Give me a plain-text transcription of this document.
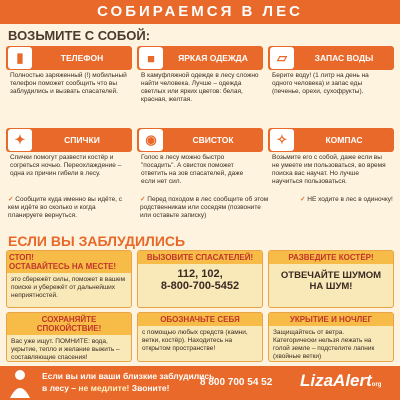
СОБИРАЕМСЯ В ЛЕС
ВОЗЬМИТЕ С СОБОЙ:
▮	ТЕЛЕФОН
Полностью заряженный (!) мобильный телефон поможет сообщить что вы заблудились и вызвать спасателей.
■	ЯРКАЯ ОДЕЖДА
В камуфляжной одежде в лесу сложно найти человека. Лучше – одежда светлых или ярких цветов: белая, красная, желтая.
▱	ЗАПАС ВОДЫ
Берите воду! (1 литр на день на одного человека) и запас еды (печенье, орехи, сухофрукты).
✦	СПИЧКИ
Спички помогут развести костёр и согреться ночью. Переохлаждение – одна из причин гибели в лесу.
◉	СВИСТОК
Голос в лесу можно быстро "посадить". А свисток поможет ответить на зов спасателей, даже если нет сил.
✧	КОМПАС
Возьмите его с собой, даже если вы не умеете им пользоваться, во время поиска вас научат. Но лучше научиться пользоваться.
✓ Сообщите куда именно вы идёте, с кем идёте во сколько и когда планируете вернуться.
✓ Перед походом в лес сообщите об этом родственникам или соседям (позвоните или оставьте записку)
✓ НЕ ходите в лес в одиночку!
ЕСЛИ ВЫ ЗАБЛУДИЛИСЬ
СТОП!
ОСТАВАЙТЕСЬ НА МЕСТЕ!
это сбережёт силы, поможет в вашем поиске и убережёт от дальнейших неприятностей.
ВЫЗОВИТЕ СПАСАТЕЛЕЙ!
112, 102,
8-800-700-5452
РАЗВЕДИТЕ КОСТЁР!
ОТВЕЧАЙТЕ ШУМОМ НА ШУМ!
СОХРАНЯЙТЕ СПОКОЙСТВИЕ!
Вас уже ищут. ПОМНИТЕ: вода, укрытие, тепло и желание выжить – составляющие спасения!
ОБОЗНАЧЬТЕ СЕБЯ
с помощью любых средств (камни, ветки, костёр). Находитесь на открытом пространстве!
УКРЫТИЕ И НОЧЛЕГ
Защищайтесь от ветра. Категорически нельзя лежать на голой земле – подстелите лапник (хвойные ветки)
Если вы или ваши близкие заблудились
в лесу – не медлите! Звоните!	8 800 700 54 52 LizaAlertorg
